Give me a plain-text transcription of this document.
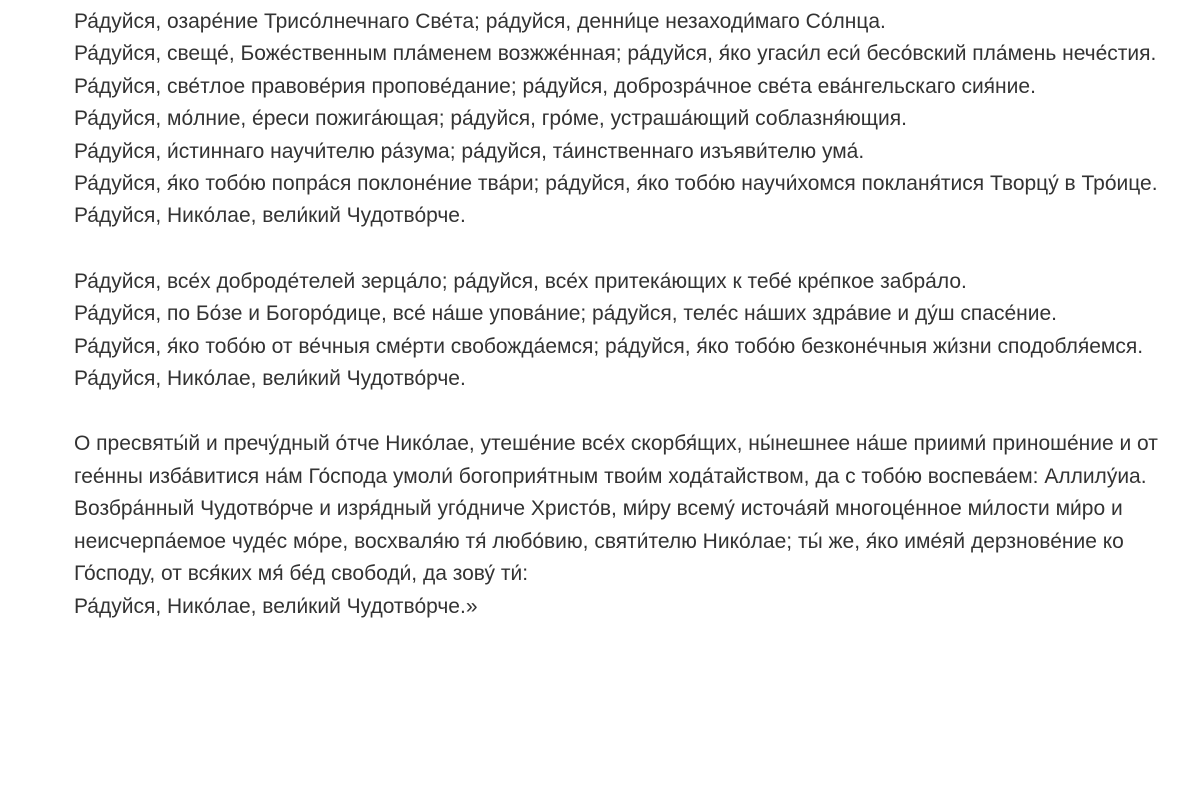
Ра́дуйся, озаре́ние Трисо́лнечнаго Све́та; ра́дуйся, денни́це незаходи́маго Со́лнца.

Ра́дуйся, свеще́, Боже́ственным пла́менем возжже́нная; ра́дуйся, я́ко угаси́л еси́ бесо́вский пла́мень нече́стия.

Ра́дуйся, све́тлое правове́рия пропове́дание; ра́дуйся, доброзра́чное све́та ева́нгельскаго сия́ние.

Ра́дуйся, мо́лние, е́реси пожига́ющая; ра́дуйся, гро́ме, устраша́ющий соблазня́ющия.

Ра́дуйся, и́стиннаго научи́телю ра́зума; ра́дуйся, та́инственнаго изъяви́телю ума́.

Ра́дуйся, я́ко тобо́ю попра́ся поклоне́ние тва́ри; ра́дуйся, я́ко тобо́ю научи́хомся покланя́тися Творцу́ в Тро́ице.

Ра́дуйся, Нико́лае, вели́кий Чудотво́рче.

Ра́дуйся, все́х доброде́телей зерца́ло; ра́дуйся, все́х притека́ющих к тебе́ кре́пкое забра́ло.

Ра́дуйся, по Бо́зе и Богоро́дице, все́ на́ше упова́ние; ра́дуйся, теле́с на́ших здра́вие и ду́ш спасе́ние.

Ра́дуйся, я́ко тобо́ю от ве́чныя сме́рти свобожда́емся; ра́дуйся, я́ко тобо́ю безконе́чныя жи́зни сподобля́емся.

Ра́дуйся, Нико́лае, вели́кий Чудотво́рче.

О пресвяты́й и пречу́дный о́тче Нико́лае, утеше́ние все́х скорбя́щих, ны́нешнее на́ше приими́ приноше́ние и от гее́нны изба́витися на́м Го́спода умоли́ богоприя́тным твои́м хода́тайством, да с тобо́ю воспева́ем: Аллилу́иа.

Возбра́нный Чудотво́рче и изря́дный уго́дниче Христо́в, ми́ру всему́ источа́яй многоце́нное ми́лости ми́ро и неисчерпа́емое чуде́с мо́ре, восхваля́ю тя́ любо́вию, святи́телю Нико́лае; ты́ же, я́ко име́яй дерзнове́ние ко Го́споду, от вся́ких мя́ бе́д свободи́, да зову́ ти́:

Ра́дуйся, Нико́лае, вели́кий Чудотво́рче.»
